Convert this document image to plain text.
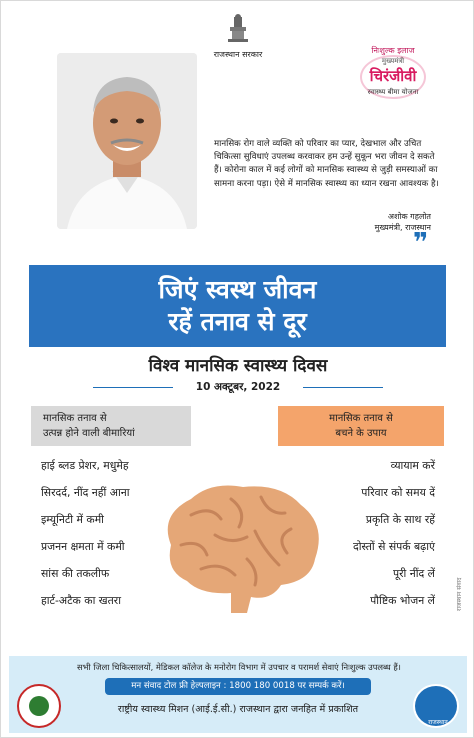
राजस्थान सरकार	निःशुल्क इलाज
मुख्यमंत्री
चिरंजीवी
स्वास्थ्य बीमा योजना

मानसिक रोग वाले व्यक्ति को परिवार का प्यार, देखभाल और उचित चिकित्सा सुविधाएं उपलब्ध करवाकर हम उन्हें सुकून भरा जीवन दे सकते हैं। कोरोना काल में कई लोगों को मानसिक स्वास्थ्य से जुड़ी समस्याओं का सामना करना पड़ा। ऐसे में मानसिक स्वास्थ्य का ध्यान रखना आवश्यक है।

अशोक गहलोत
मुख्यमंत्री, राजस्थान
❞
जिएं स्वस्थ जीवन
रहें तनाव से दूर
विश्व मानसिक स्वास्थ्य दिवस
10 अक्टूबर, 2022
मानसिक तनाव से
उत्पन्न होने वाली बीमारियां
मानसिक तनाव से
बचने के उपाय
हाई ब्लड प्रेशर, मधुमेह
सिरदर्द, नींद नहीं आना
इम्यूनिटी में कमी
प्रजनन क्षमता में कमी
सांस की तकलीफ
हार्ट-अटैक का खतरा
व्यायाम करें
परिवार को समय दें
प्रकृति के साथ रहें
दोस्तों से संपर्क बढ़ाएं
पूरी नींद लें
पौष्टिक भोजन लें	राजस्थान संवाद
सभी जिला चिकित्सालयों, मेडिकल कॉलेज के मनोरोग विभाग में उपचार व परामर्श सेवाएं निःशुल्क उपलब्ध हैं।
मन संवाद टोल फ्री हेल्पलाइन : 1800 180 0018 पर सम्पर्क करें।
राष्ट्रीय स्वास्थ्य मिशन (आई.ई.सी.) राजस्थान द्वारा जनहित में प्रकाशित
राजस्थान
